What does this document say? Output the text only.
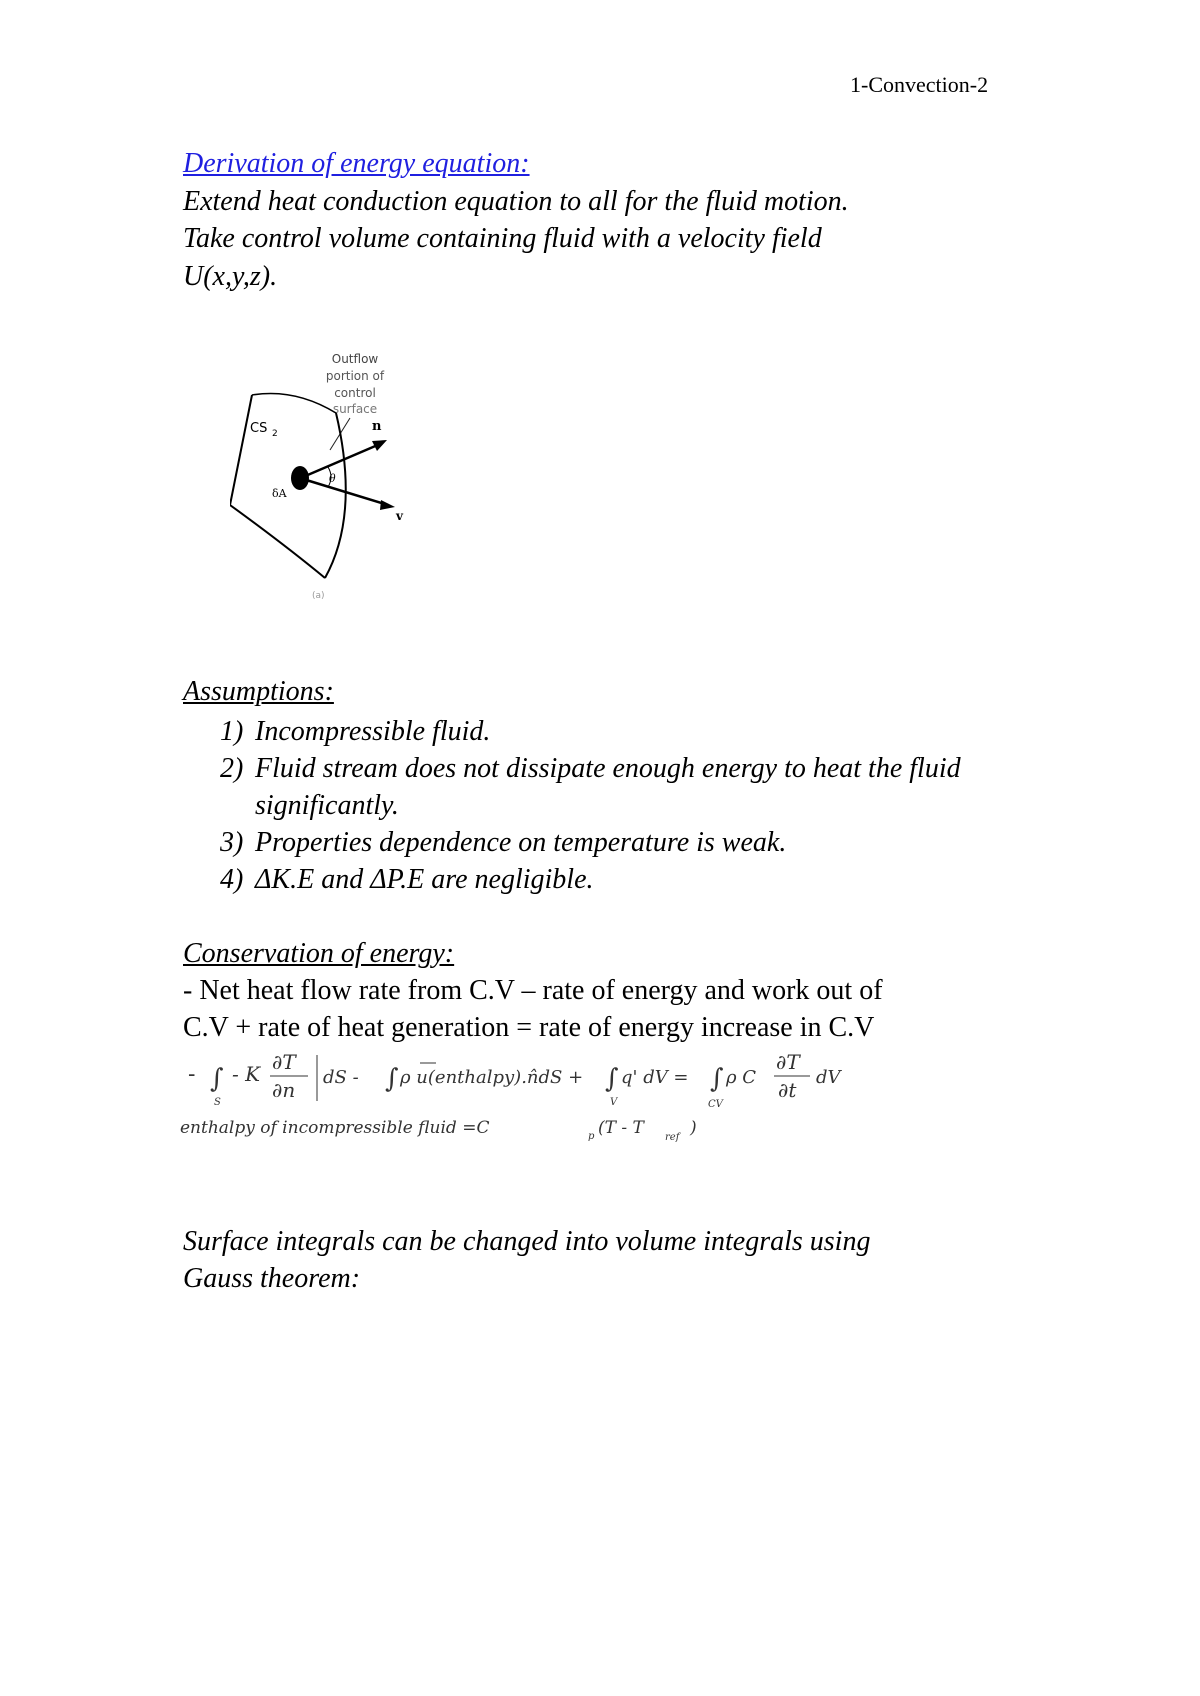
1-Convection-2
Derivation of energy equation:
Extend heat conduction equation to all for the fluid motion.
Take control volume containing fluid with a velocity field
U(x,y,z).
Outflow
portion of
control
surface
θ
CS 2	n
δA
v
(a)
Assumptions:
1) Incompressible fluid.
2) Fluid stream does not dissipate enough energy to heat the fluid significantly.
3) Properties dependence on temperature is weak.
4) ΔK.E and ΔP.E are negligible.
Conservation of energy:
- Net heat flow rate from C.V – rate of energy and work out of
C.V + rate of heat generation = rate of energy increase in C.V
- ∫
S
- K ∂T
∂n
dS - ∫ ρ u(enthalpy).n̂dS + ∫
V
q' dV = ∫
CV
ρ C
∂T
∂t
dV
enthalpy of incompressible fluid =C	p (T - T ref )
Surface integrals can be changed into volume integrals using
Gauss theorem:
